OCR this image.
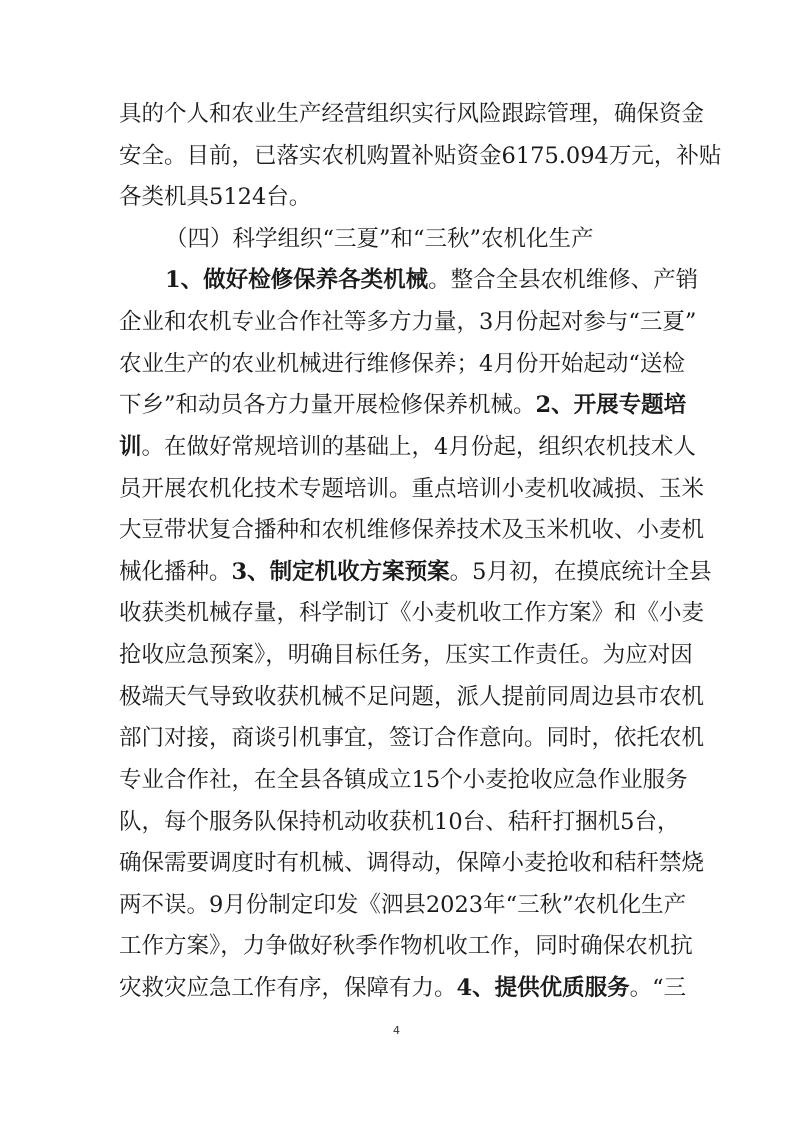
具的个人和农业生产经营组织实行风险跟踪管理，确保资金
安全。目前，已落实农机购置补贴资金6175.094万元，补贴
各类机具5124台。
（四）科学组织“三夏”和“三秋”农机化生产
1、做好检修保养各类机械。整合全县农机维修、产销
企业和农机专业合作社等多方力量，3月份起对参与“三夏”
农业生产的农业机械进行维修保养；4月份开始起动“送检
下乡”和动员各方力量开展检修保养机械。2、开展专题培
训。在做好常规培训的基础上，4月份起，组织农机技术人
员开展农机化技术专题培训。重点培训小麦机收减损、玉米
大豆带状复合播种和农机维修保养技术及玉米机收、小麦机
械化播种。3、制定机收方案预案。5月初，在摸底统计全县
收获类机械存量，科学制订《小麦机收工作方案》和《小麦
抢收应急预案》，明确目标任务，压实工作责任。为应对因
极端天气导致收获机械不足问题，派人提前同周边县市农机
部门对接，商谈引机事宜，签订合作意向。同时，依托农机
专业合作社，在全县各镇成立15个小麦抢收应急作业服务
队，每个服务队保持机动收获机10台、秸秆打捆机5台，
确保需要调度时有机械、调得动，保障小麦抢收和秸秆禁烧
两不误。9月份制定印发《泗县2023年“三秋”农机化生产
工作方案》，力争做好秋季作物机收工作，同时确保农机抗
灾救灾应急工作有序，保障有力。4、提供优质服务。“三
4
